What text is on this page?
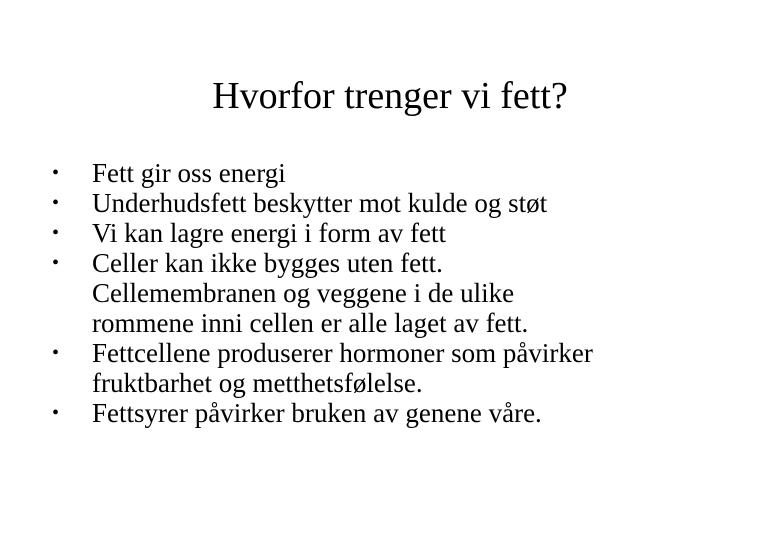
Hvorfor trenger vi fett?
•	Fett gir oss energi
•	Underhudsfett beskytter mot kulde og støt
•	Vi kan lagre energi i form av fett
•	Celler kan ikke bygges uten fett.
Cellemembranen og veggene i de ulike
rommene inni cellen er alle laget av fett.
•	Fettcellene produserer hormoner som påvirker
fruktbarhet og metthetsfølelse.
•	Fettsyrer påvirker bruken av genene våre.
